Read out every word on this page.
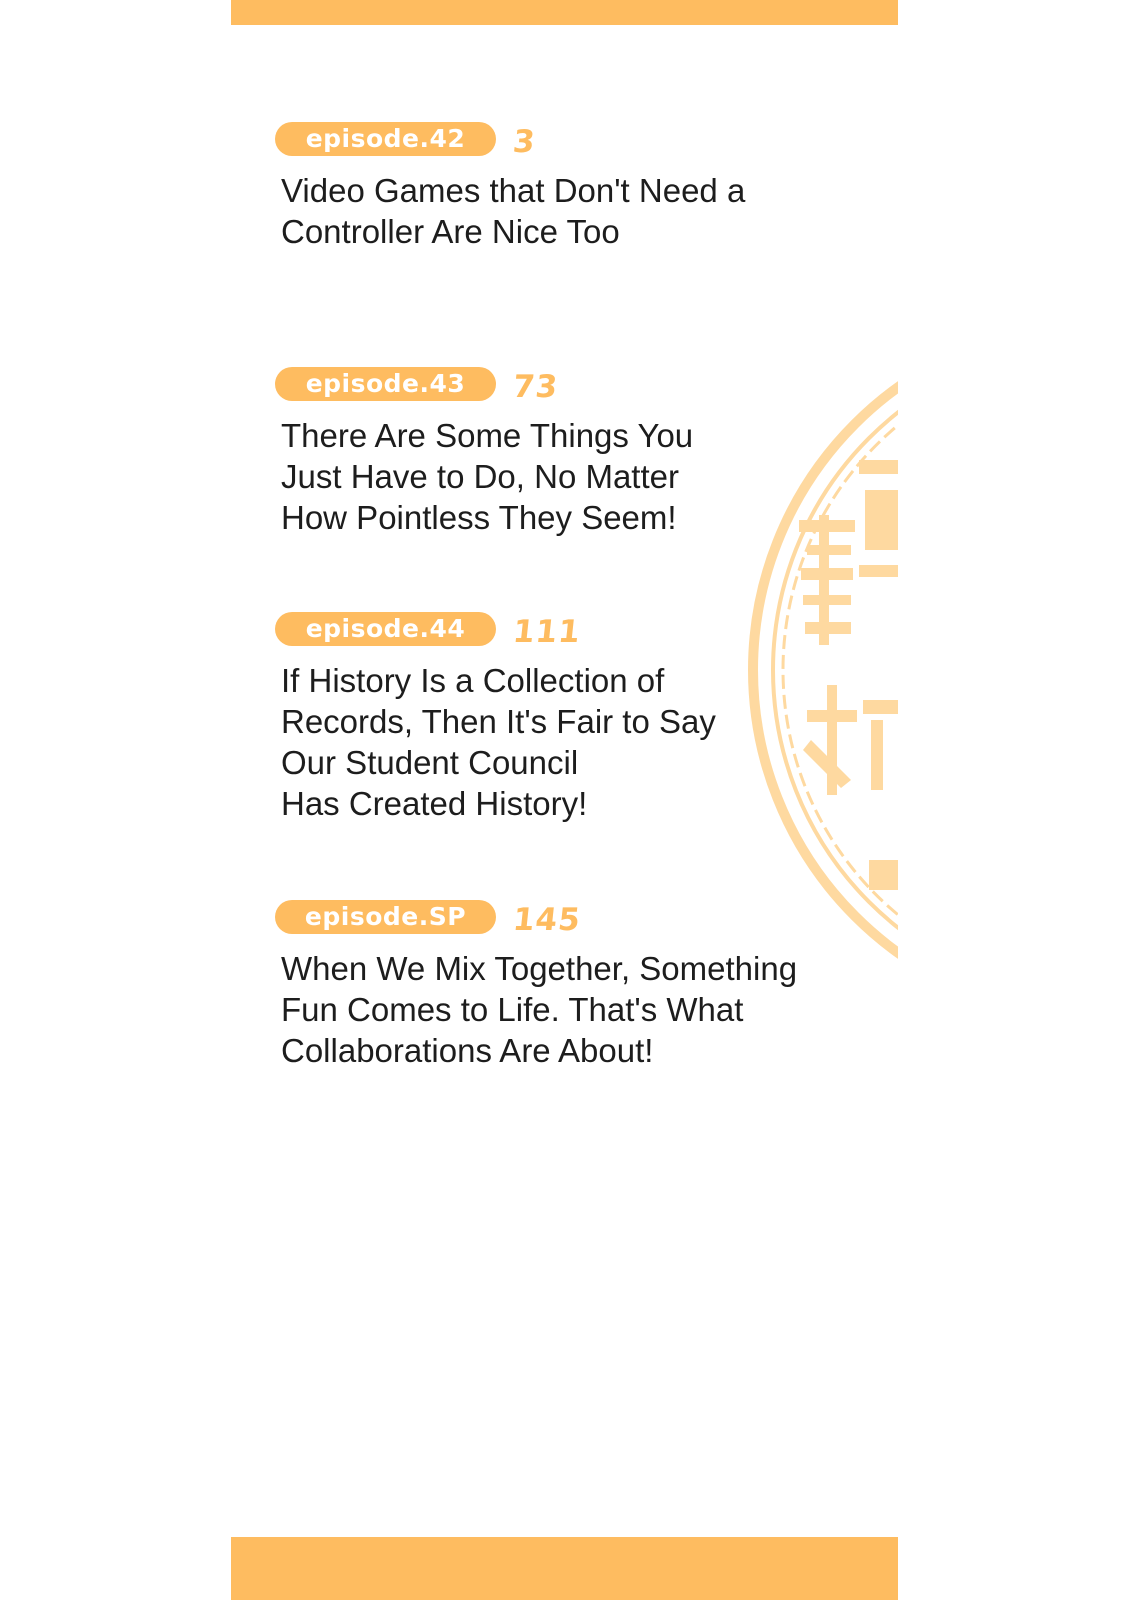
episode.42	3
Video Games that Don't Need a
Controller Are Nice Too
episode.43	73
There Are Some Things You
Just Have to Do, No Matter
How Pointless They Seem!
episode.44	111
If History Is a Collection of
Records, Then It's Fair to Say
Our Student Council
Has Created History!
episode.SP	145
When We Mix Together, Something
Fun Comes to Life. That's What
Collaborations Are About!
